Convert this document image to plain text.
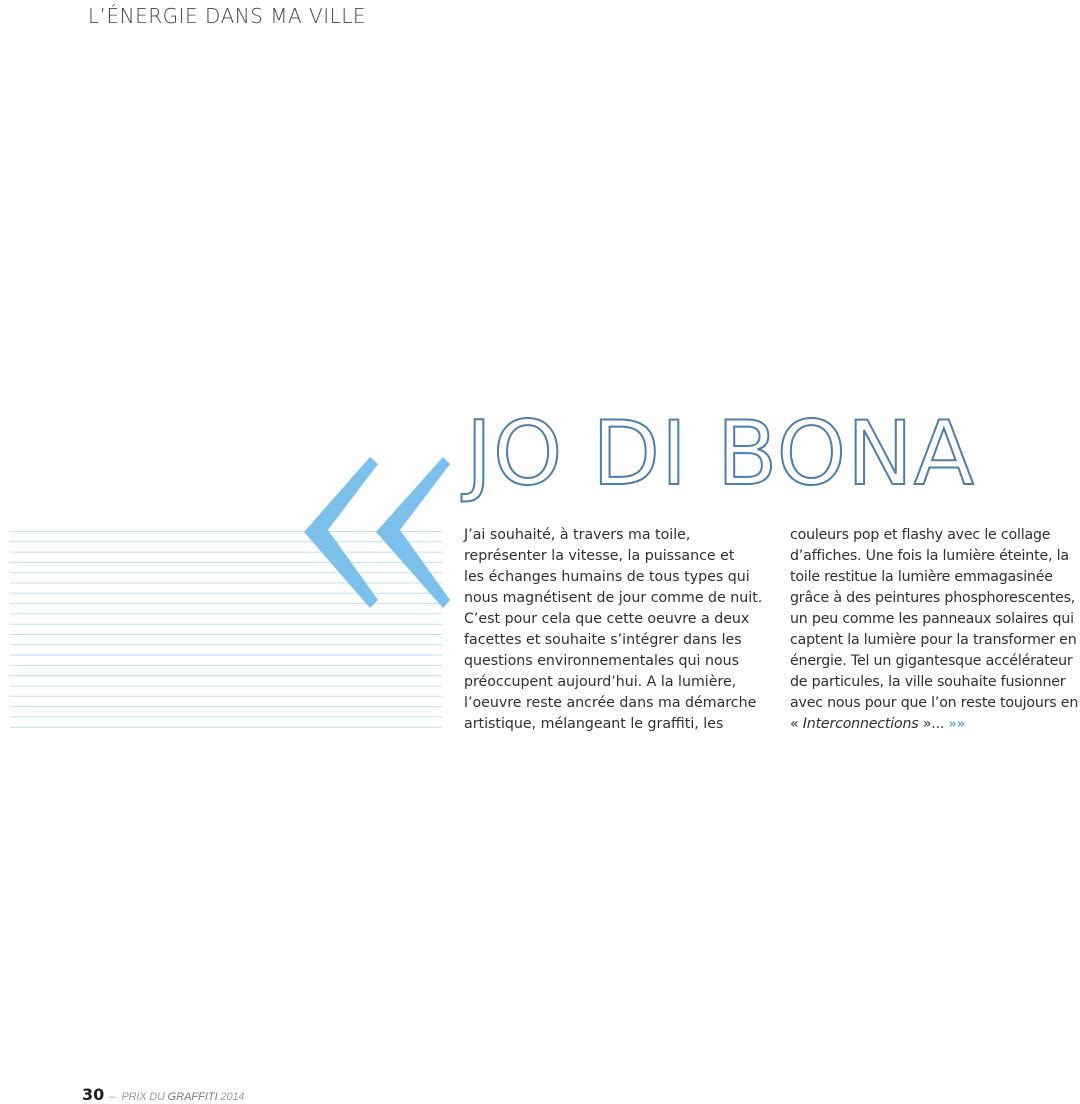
L’ÉNERGIE DANS MA VILLE
JO DI BONA
J’ai souhaité, à travers ma toile,
représenter la vitesse, la puissance et
les échanges humains de tous types qui
nous magnétisent de jour comme de nuit.
C’est pour cela que cette oeuvre a deux
facettes et souhaite s’intégrer dans les
questions environnementales qui nous
préoccupent aujourd’hui. A la lumière,
l’oeuvre reste ancrée dans ma démarche
artistique, mélangeant le graffiti, les
couleurs pop et flashy avec le collage
d’affiches. Une fois la lumière éteinte, la
toile restitue la lumière emmagasinée
grâce à des peintures phosphorescentes,
un peu comme les panneaux solaires qui
captent la lumière pour la transformer en
énergie. Tel un gigantesque accélérateur
de particules, la ville souhaite fusionner
avec nous pour que l’on reste toujours en
« Interconnections »... »»
30 – PRIX DU GRAFFITI 2014
